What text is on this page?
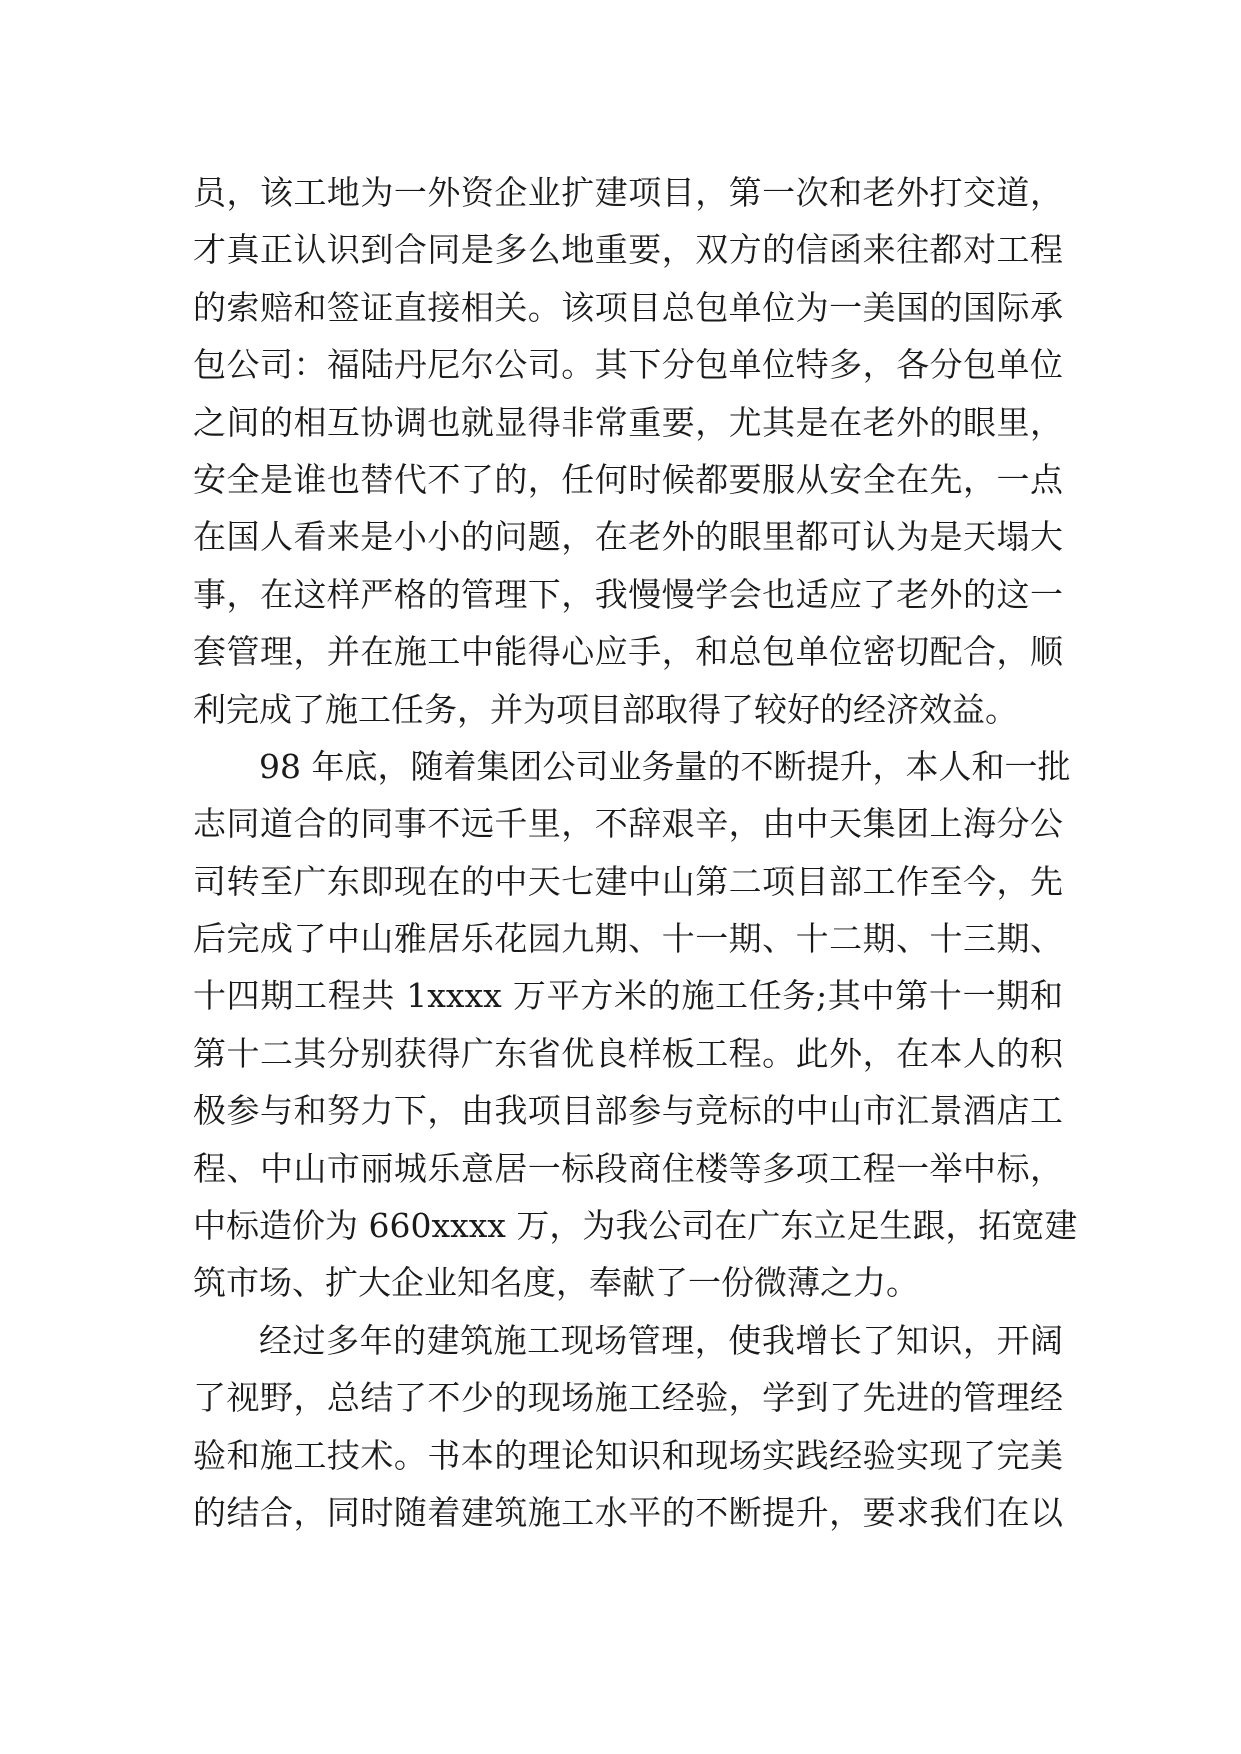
员，该工地为一外资企业扩建项目，第一次和老外打交道，
才真正认识到合同是多么地重要，双方的信函来往都对工程
的索赔和签证直接相关。该项目总包单位为一美国的国际承
包公司：福陆丹尼尔公司。其下分包单位特多，各分包单位
之间的相互协调也就显得非常重要，尤其是在老外的眼里，
安全是谁也替代不了的，任何时候都要服从安全在先，一点
在国人看来是小小的问题，在老外的眼里都可认为是天塌大
事，在这样严格的管理下，我慢慢学会也适应了老外的这一
套管理，并在施工中能得心应手，和总包单位密切配合，顺
利完成了施工任务，并为项目部取得了较好的经济效益。
98 年底，随着集团公司业务量的不断提升，本人和一批
志同道合的同事不远千里，不辞艰辛，由中天集团上海分公
司转至广东即现在的中天七建中山第二项目部工作至今，先
后完成了中山雅居乐花园九期、十一期、十二期、十三期、
十四期工程共 1xxxx 万平方米的施工任务;其中第十一期和
第十二其分别获得广东省优良样板工程。此外，在本人的积
极参与和努力下，由我项目部参与竞标的中山市汇景酒店工
程、中山市丽城乐意居一标段商住楼等多项工程一举中标，
中标造价为 660xxxx 万，为我公司在广东立足生跟，拓宽建
筑市场、扩大企业知名度，奉献了一份微薄之力。
经过多年的建筑施工现场管理，使我增长了知识，开阔
了视野，总结了不少的现场施工经验，学到了先进的管理经
验和施工技术。书本的理论知识和现场实践经验实现了完美
的结合，同时随着建筑施工水平的不断提升，要求我们在以
